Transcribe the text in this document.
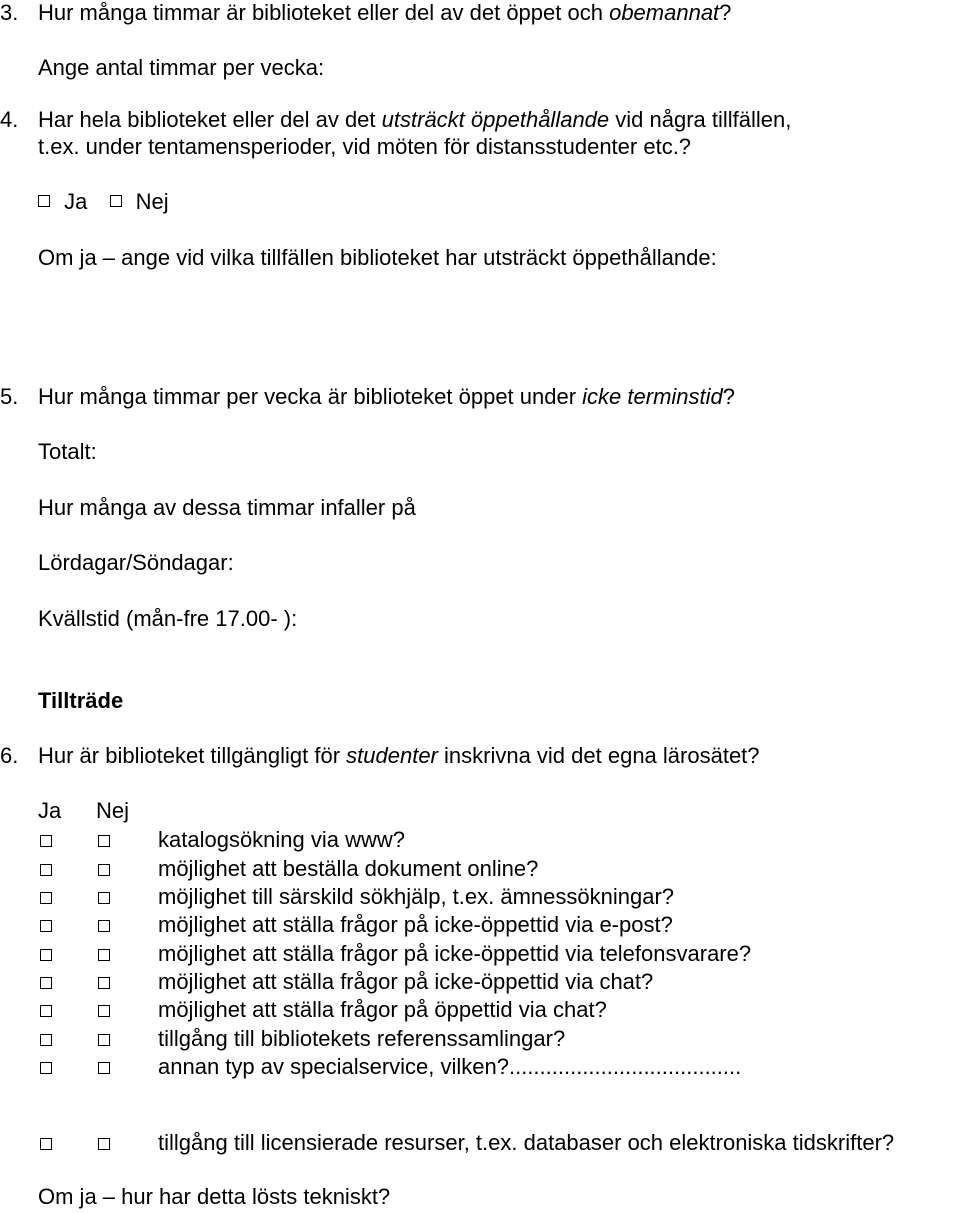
3. Hur många timmar är biblioteket eller del av det öppet och obemannat?
Ange antal timmar per vecka:
4. Har hela biblioteket eller del av det utsträckt öppethållande vid några tillfällen,
t.ex. under tentamensperioder, vid möten för distansstudenter etc.?
Ja Nej
Om ja – ange vid vilka tillfällen biblioteket har utsträckt öppethållande:
5. Hur många timmar per vecka är biblioteket öppet under icke terminstid?
Totalt:
Hur många av dessa timmar infaller på
Lördagar/Söndagar:
Kvällstid (mån-fre 17.00- ):
Tillträde
6. Hur är biblioteket tillgängligt för studenter inskrivna vid det egna lärosätet?
Ja Nej
katalogsökning via www?
möjlighet att beställa dokument online?
möjlighet till särskild sökhjälp, t.ex. ämnessökningar?
möjlighet att ställa frågor på icke-öppettid via e-post?
möjlighet att ställa frågor på icke-öppettid via telefonsvarare?
möjlighet att ställa frågor på icke-öppettid via chat?
möjlighet att ställa frågor på öppettid via chat?
tillgång till bibliotekets referenssamlingar?
annan typ av specialservice, vilken?......................................
tillgång till licensierade resurser, t.ex. databaser och elektroniska tidskrifter?
Om ja – hur har detta lösts tekniskt?
